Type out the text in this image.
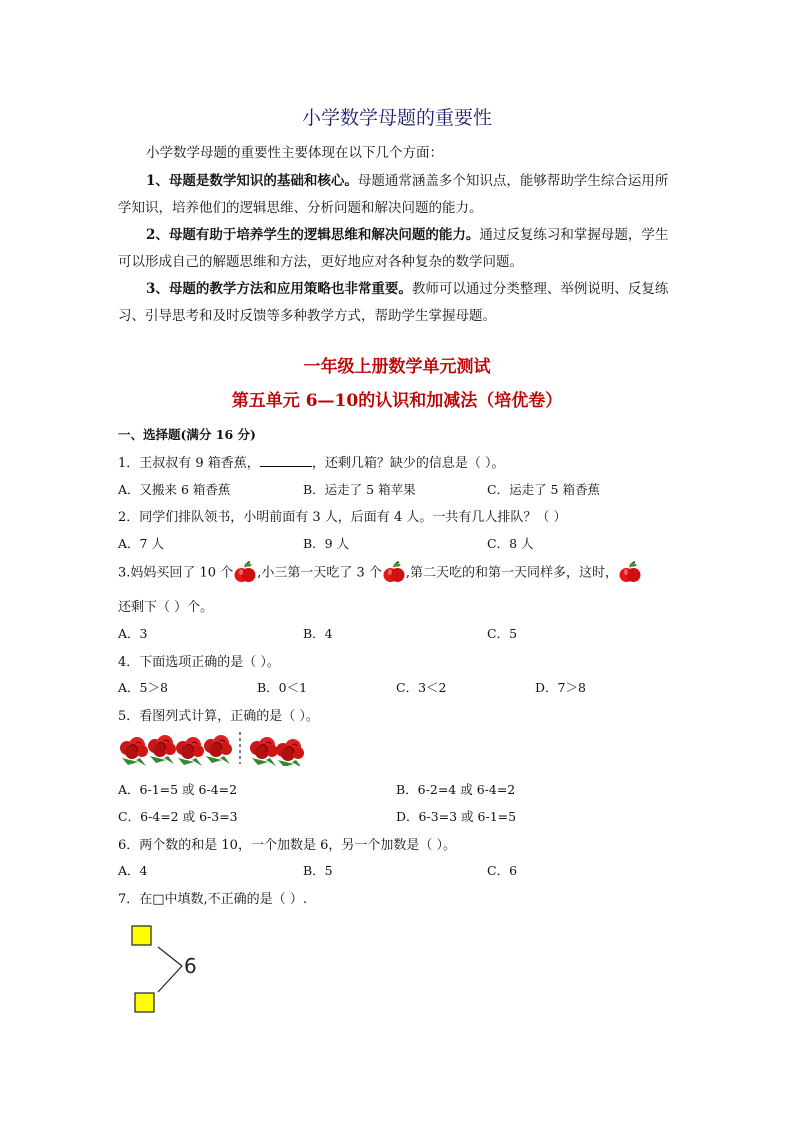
小学数学母题的重要性
小学数学母题的重要性主要体现在以下几个方面：
1、母题是数学知识的基础和核心。母题通常涵盖多个知识点，能够帮助学生综合运用所学知识，培养他们的逻辑思维、分析问题和解决问题的能力。
2、母题有助于培养学生的逻辑思维和解决问题的能力。通过反复练习和掌握母题，学生可以形成自己的解题思维和方法，更好地应对各种复杂的数学问题。
3、母题的教学方法和应用策略也非常重要。教师可以通过分类整理、举例说明、反复练习、引导思考和及时反馈等多种教学方式，帮助学生掌握母题。
一年级上册数学单元测试
第五单元 6—10的认识和加减法（培优卷）
一、选择题(满分 16 分)
1．王叔叔有 9 箱香蕉，	，还剩几箱？缺少的信息是（ ）。
A．又搬来 6 箱香蕉	B．运走了 5 箱苹果	C．运走了 5 箱香蕉
2．同学们排队领书，小明前面有 3 人，后面有 4 人。一共有几人排队？（ ）
A．7 人	B．9 人	C．8 人
3.妈妈买回了 10 个 ,小三第一天吃了 3 个 ,第二天吃的和第一天同样多，这时，
还剩下（ ）个。
A．3	B．4	C．5
4．下面选项正确的是（ ）。
A．5＞8	B．0＜1	C．3＜2	D．7＞8
5．看图列式计算，正确的是（ ）。
A．6-1=5 或 6-4=2	B．6-2=4 或 6-4=2
C．6-4=2 或 6-3=3	D．6-3=3 或 6-1=5
6．两个数的和是 10，一个加数是 6，另一个加数是（ ）。
A．4	B．5	C．6
7．在□中填数,不正确的是（ ）.
6
